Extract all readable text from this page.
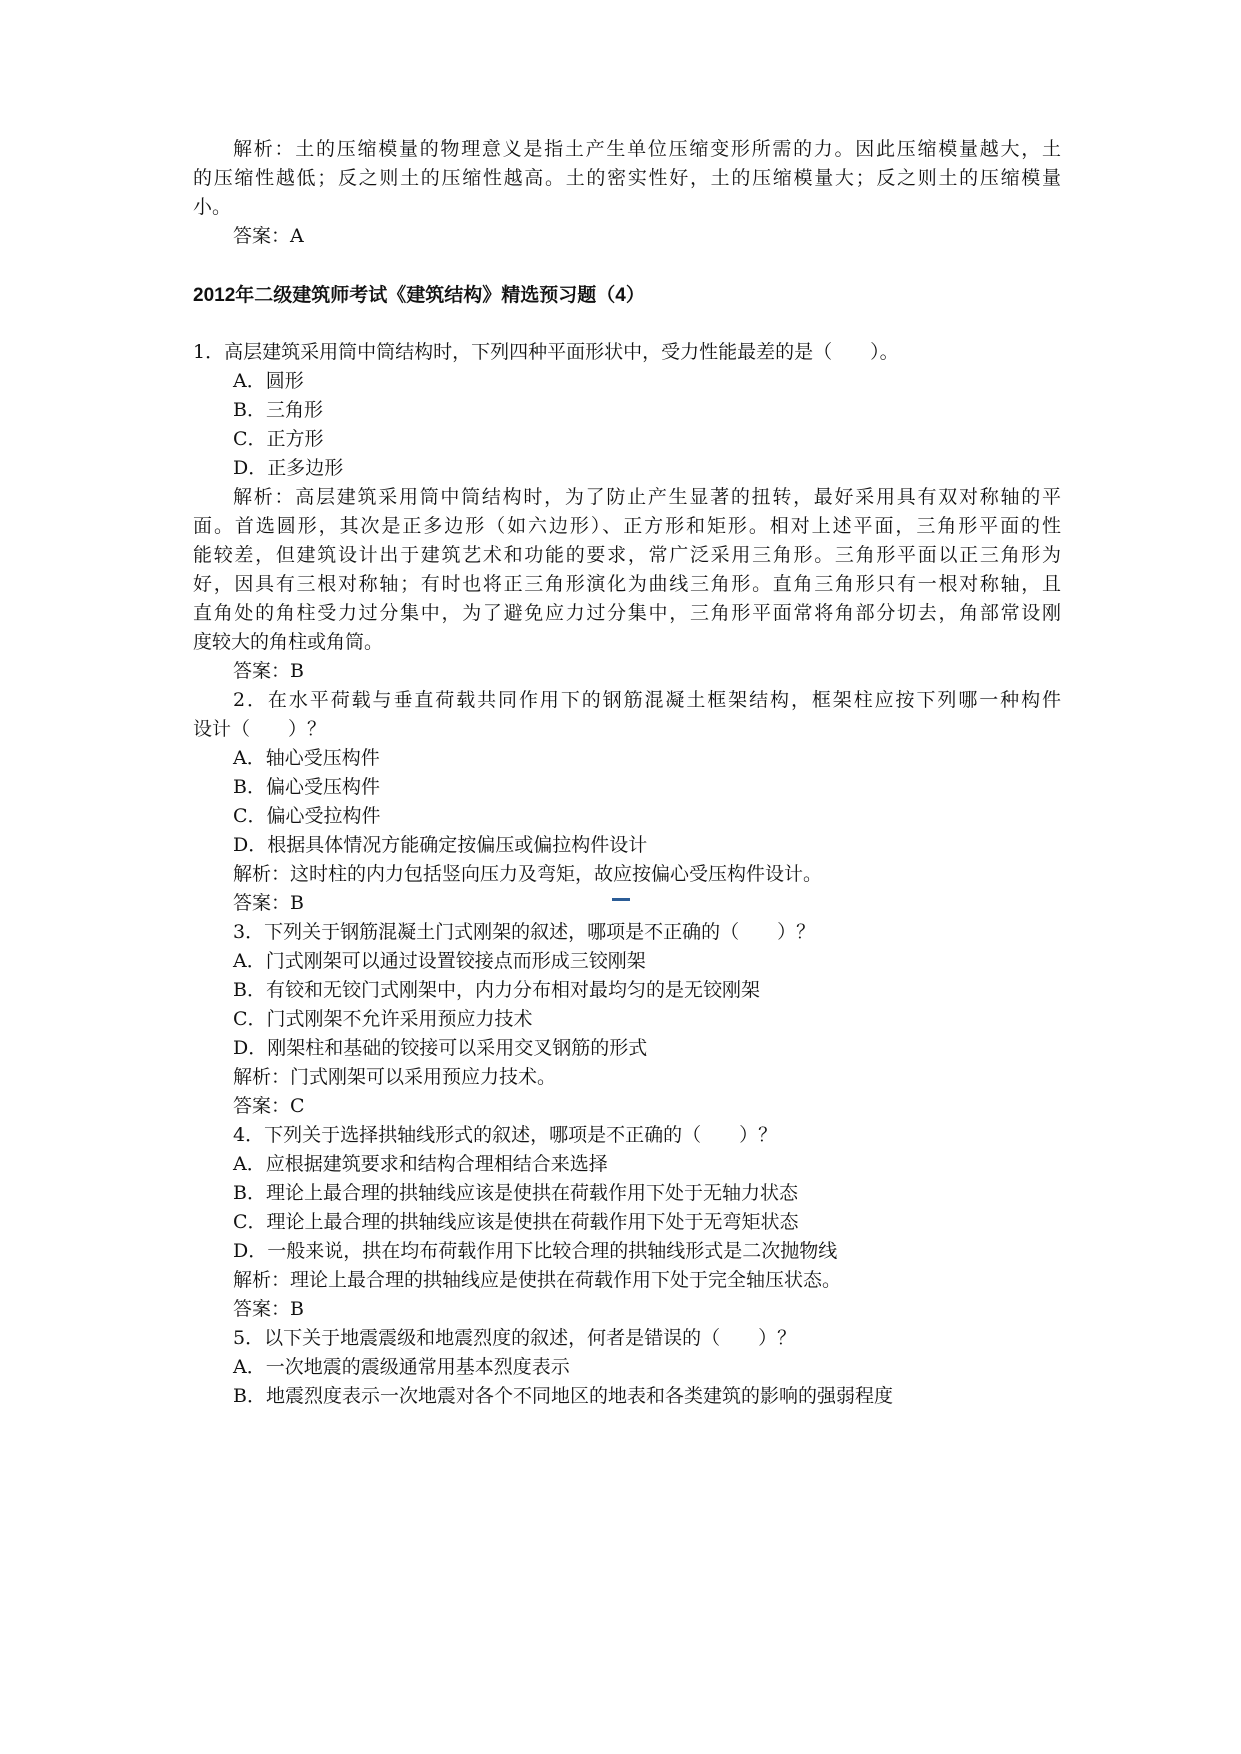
解析：土的压缩模量的物理意义是指土产生单位压缩变形所需的力。因此压缩模量越大，土
的压缩性越低；反之则土的压缩性越高。土的密实性好，土的压缩模量大；反之则土的压缩模量
小。
答案：A
2012年二级建筑师考试《建筑结构》精选预习题（4）
1．高层建筑采用筒中筒结构时，下列四种平面形状中，受力性能最差的是（　　）。
A．圆形
B．三角形
C．正方形
D．正多边形
解析：高层建筑采用筒中筒结构时，为了防止产生显著的扭转，最好采用具有双对称轴的平
面。首选圆形，其次是正多边形（如六边形）、正方形和矩形。相对上述平面，三角形平面的性
能较差，但建筑设计出于建筑艺术和功能的要求，常广泛采用三角形。三角形平面以正三角形为
好，因具有三根对称轴；有时也将正三角形演化为曲线三角形。直角三角形只有一根对称轴，且
直角处的角柱受力过分集中，为了避免应力过分集中，三角形平面常将角部分切去，角部常设刚
度较大的角柱或角筒。
答案：B
2．在水平荷载与垂直荷载共同作用下的钢筋混凝土框架结构，框架柱应按下列哪一种构件
设计（　　）？
A．轴心受压构件
B．偏心受压构件
C．偏心受拉构件
D．根据具体情况方能确定按偏压或偏拉构件设计
解析：这时柱的内力包括竖向压力及弯矩，故应按偏心受压构件设计。
答案：B
3．下列关于钢筋混凝土门式刚架的叙述，哪项是不正确的（　　）？
A．门式刚架可以通过设置铰接点而形成三铰刚架
B．有铰和无铰门式刚架中，内力分布相对最均匀的是无铰刚架
C．门式刚架不允许采用预应力技术
D．刚架柱和基础的铰接可以采用交叉钢筋的形式
解析：门式刚架可以采用预应力技术。
答案：C
4．下列关于选择拱轴线形式的叙述，哪项是不正确的（　　）？
A．应根据建筑要求和结构合理相结合来选择
B．理论上最合理的拱轴线应该是使拱在荷载作用下处于无轴力状态
C．理论上最合理的拱轴线应该是使拱在荷载作用下处于无弯矩状态
D．一般来说，拱在均布荷载作用下比较合理的拱轴线形式是二次抛物线
解析：理论上最合理的拱轴线应是使拱在荷载作用下处于完全轴压状态。
答案：B
5．以下关于地震震级和地震烈度的叙述，何者是错误的（　　）？
A．一次地震的震级通常用基本烈度表示
B．地震烈度表示一次地震对各个不同地区的地表和各类建筑的影响的强弱程度
